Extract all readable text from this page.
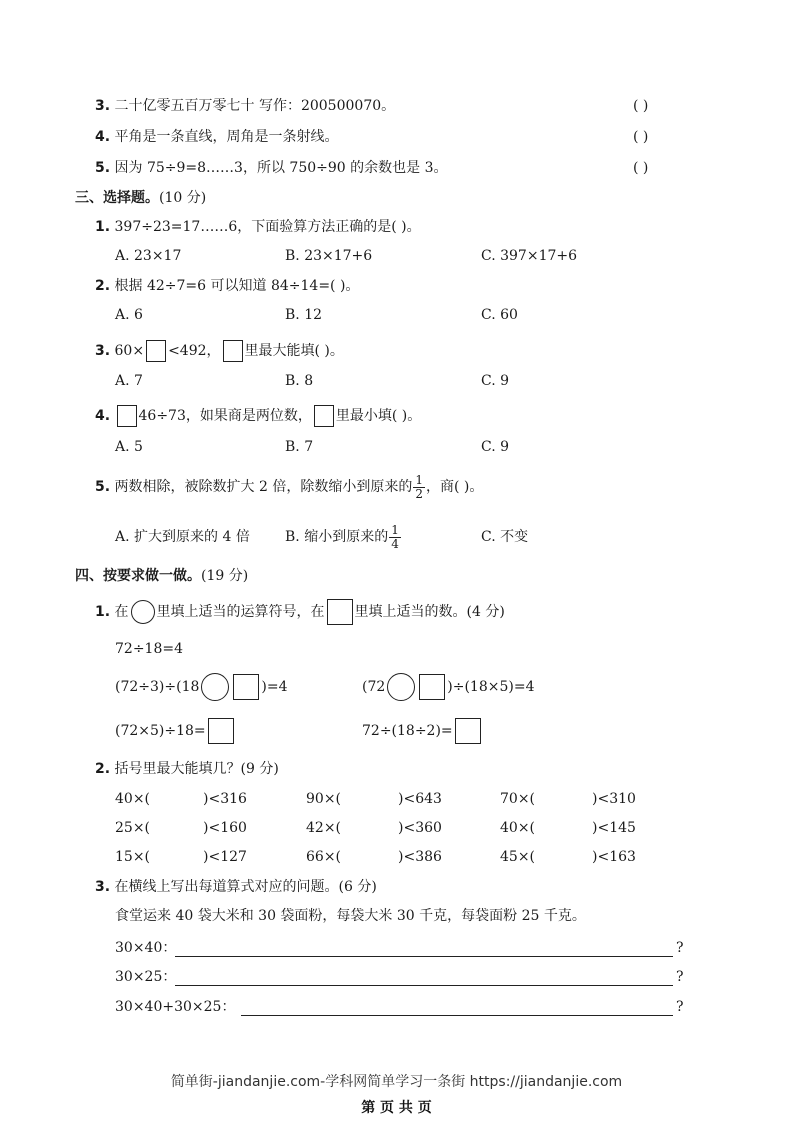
3. 二十亿零五百万零七十 写作：200500070。	( )
4. 平角是一条直线，周角是一条射线。	( )
5. 因为 75÷9=8……3，所以 750÷90 的余数也是 3。	( )
三、选择题。(10 分)
1. 397÷23=17……6，下面验算方法正确的是( )。
A. 23×17	B. 23×17+6	C. 397×17+6
2. 根据 42÷7=6 可以知道 84÷14=( )。
A. 6	B. 12	C. 60
3. 60× <492， 里最大能填( )。
A. 7	B. 8	C. 9
4. 46÷73，如果商是两位数， 里最小填( )。
A. 5	B. 7	C. 9
5. 两数相除，被除数扩大 2 倍，除数缩小到原来的 $\frac{1}{2}$ ，商( )。
A. 扩大到原来的 4 倍	B. 缩小到原来的 $\frac{1}{4}$	C. 不变
四、按要求做一做。(19 分)
1. 在 里填上适当的运算符号，在 里填上适当的数。(4 分)
72÷18=4
(72÷3)÷(18	)=4	(72	)÷(18×5)=4
(72×5)÷18=	72÷(18÷2)=
2. 括号里最大能填几？(9 分)
40×(	)<316	90×(	)<643	70×(	)<310
25×(	)<160	42×(	)<360	40×(	)<145
15×(	)<127	66×(	)<386	45×(	)<163
3. 在横线上写出每道算式对应的问题。(6 分)
食堂运来 40 袋大米和 30 袋面粉，每袋大米 30 千克，每袋面粉 25 千克。
30×40：	?
30×25：	?
30×40+30×25：	?
简单街-jiandanjie.com-学科网简单学习一条街 https://jiandanjie.com
第 页 共 页
